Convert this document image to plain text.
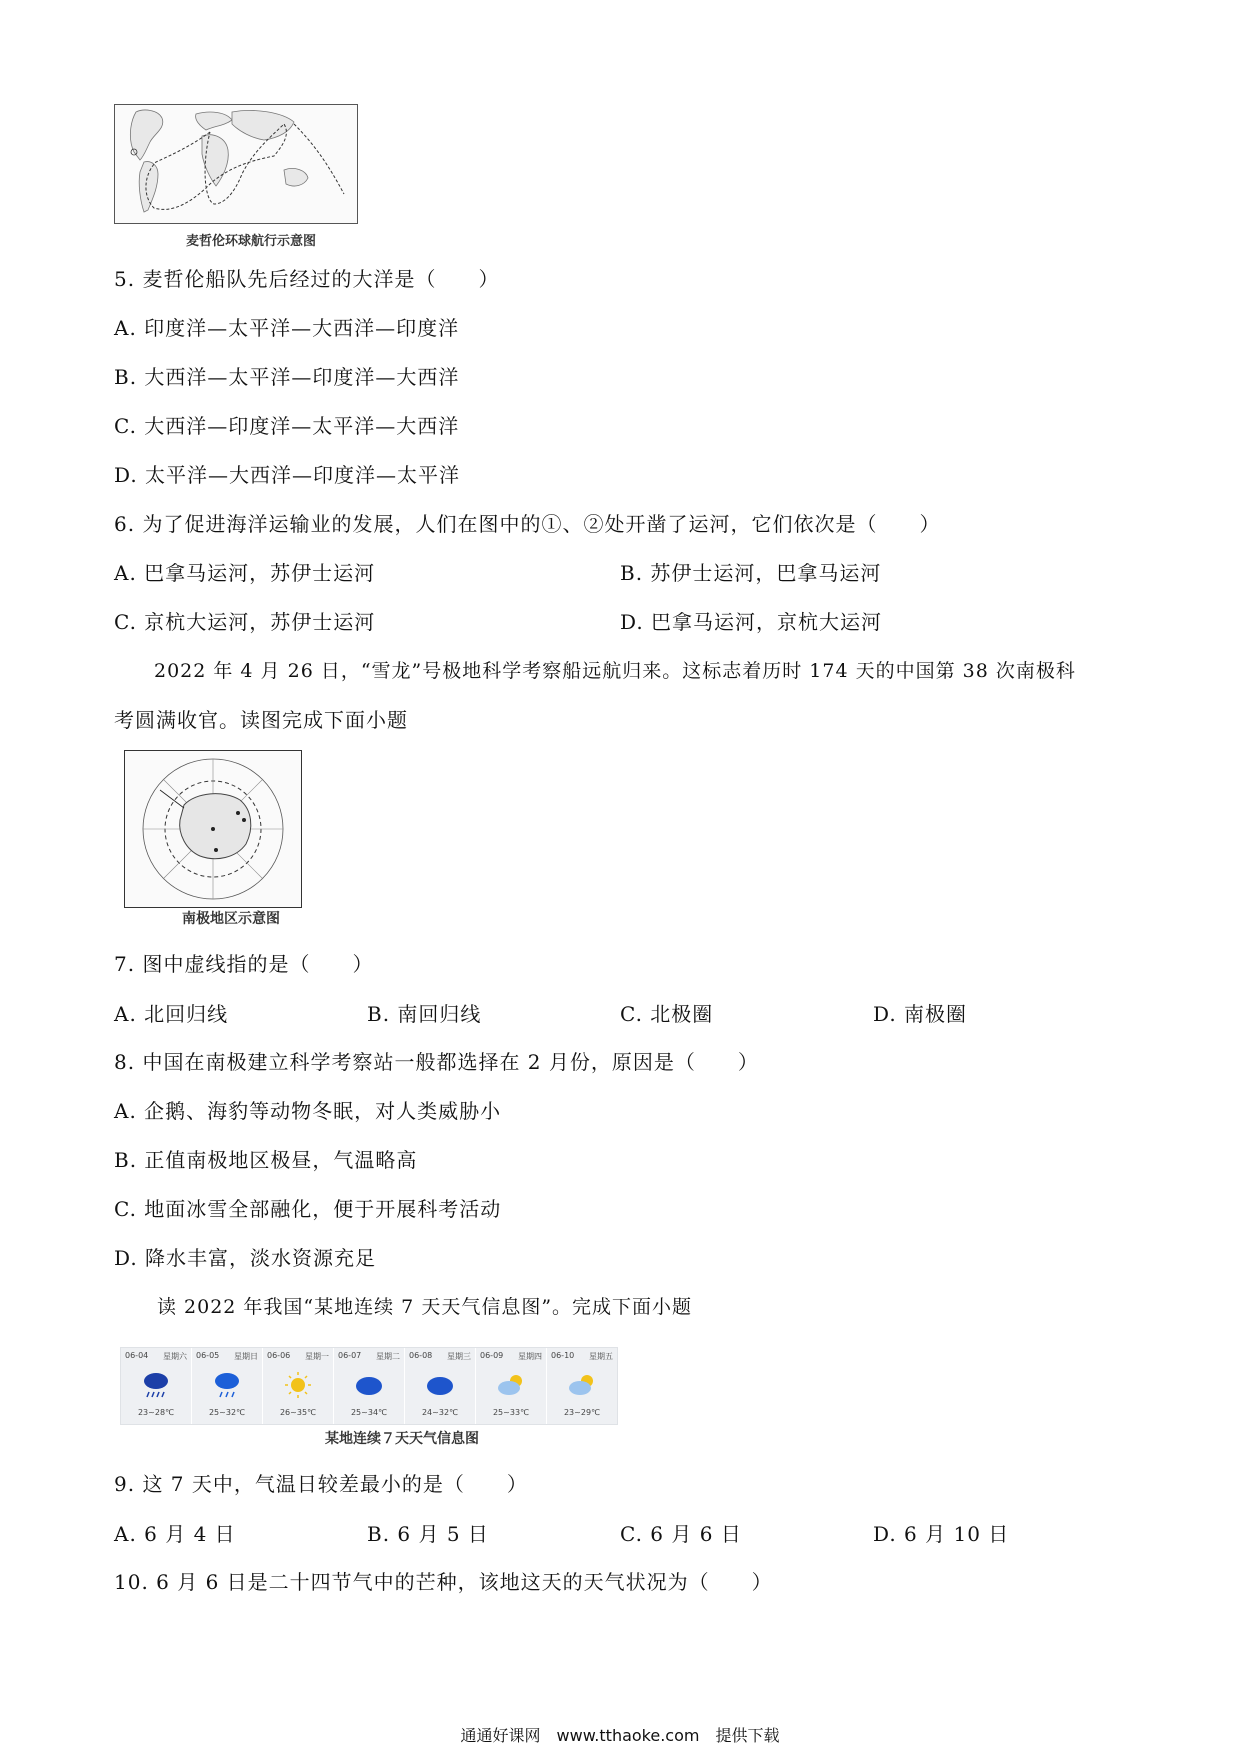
麦哲伦环球航行示意图
5. 麦哲伦船队先后经过的大洋是（　　）
A. 印度洋—太平洋—大西洋—印度洋
B. 大西洋—太平洋—印度洋—大西洋
C. 大西洋—印度洋—太平洋—大西洋
D. 太平洋—大西洋—印度洋—太平洋
6. 为了促进海洋运输业的发展，人们在图中的①、②处开凿了运河，它们依次是（　　）
A. 巴拿马运河，苏伊士运河	B. 苏伊士运河，巴拿马运河
C. 京杭大运河，苏伊士运河	D. 巴拿马运河，京杭大运河
2022 年 4 月 26 日，“雪龙”号极地科学考察船远航归来。这标志着历时 174 天的中国第 38 次南极科
考圆满收官。读图完成下面小题
南极地区示意图
7. 图中虚线指的是（　　）
A. 北回归线	B. 南回归线	C. 北极圈	D. 南极圈
8. 中国在南极建立科学考察站一般都选择在 2 月份，原因是（　　）
A. 企鹅、海豹等动物冬眠，对人类威胁小
B. 正值南极地区极昼，气温略高
C. 地面冰雪全部融化，便于开展科考活动
D. 降水丰富，淡水资源充足
读 2022 年我国“某地连续 7 天天气信息图”。完成下面小题
06-04 星期六
23~28℃
06-05 星期日
25~32℃
06-06 星期一
26~35℃
06-07 星期二
25~34℃
06-08 星期三
24~32℃
06-09 星期四
25~33℃
06-10 星期五
23~29℃
某地连续７天天气信息图
9. 这 7 天中，气温日较差最小的是（　　）
A. 6 月 4 日	B. 6 月 5 日	C. 6 月 6 日	D. 6 月 10 日
10. 6 月 6 日是二十四节气中的芒种，该地这天的天气状况为（　　）
通通好课网　www.tthaoke.com　提供下载
